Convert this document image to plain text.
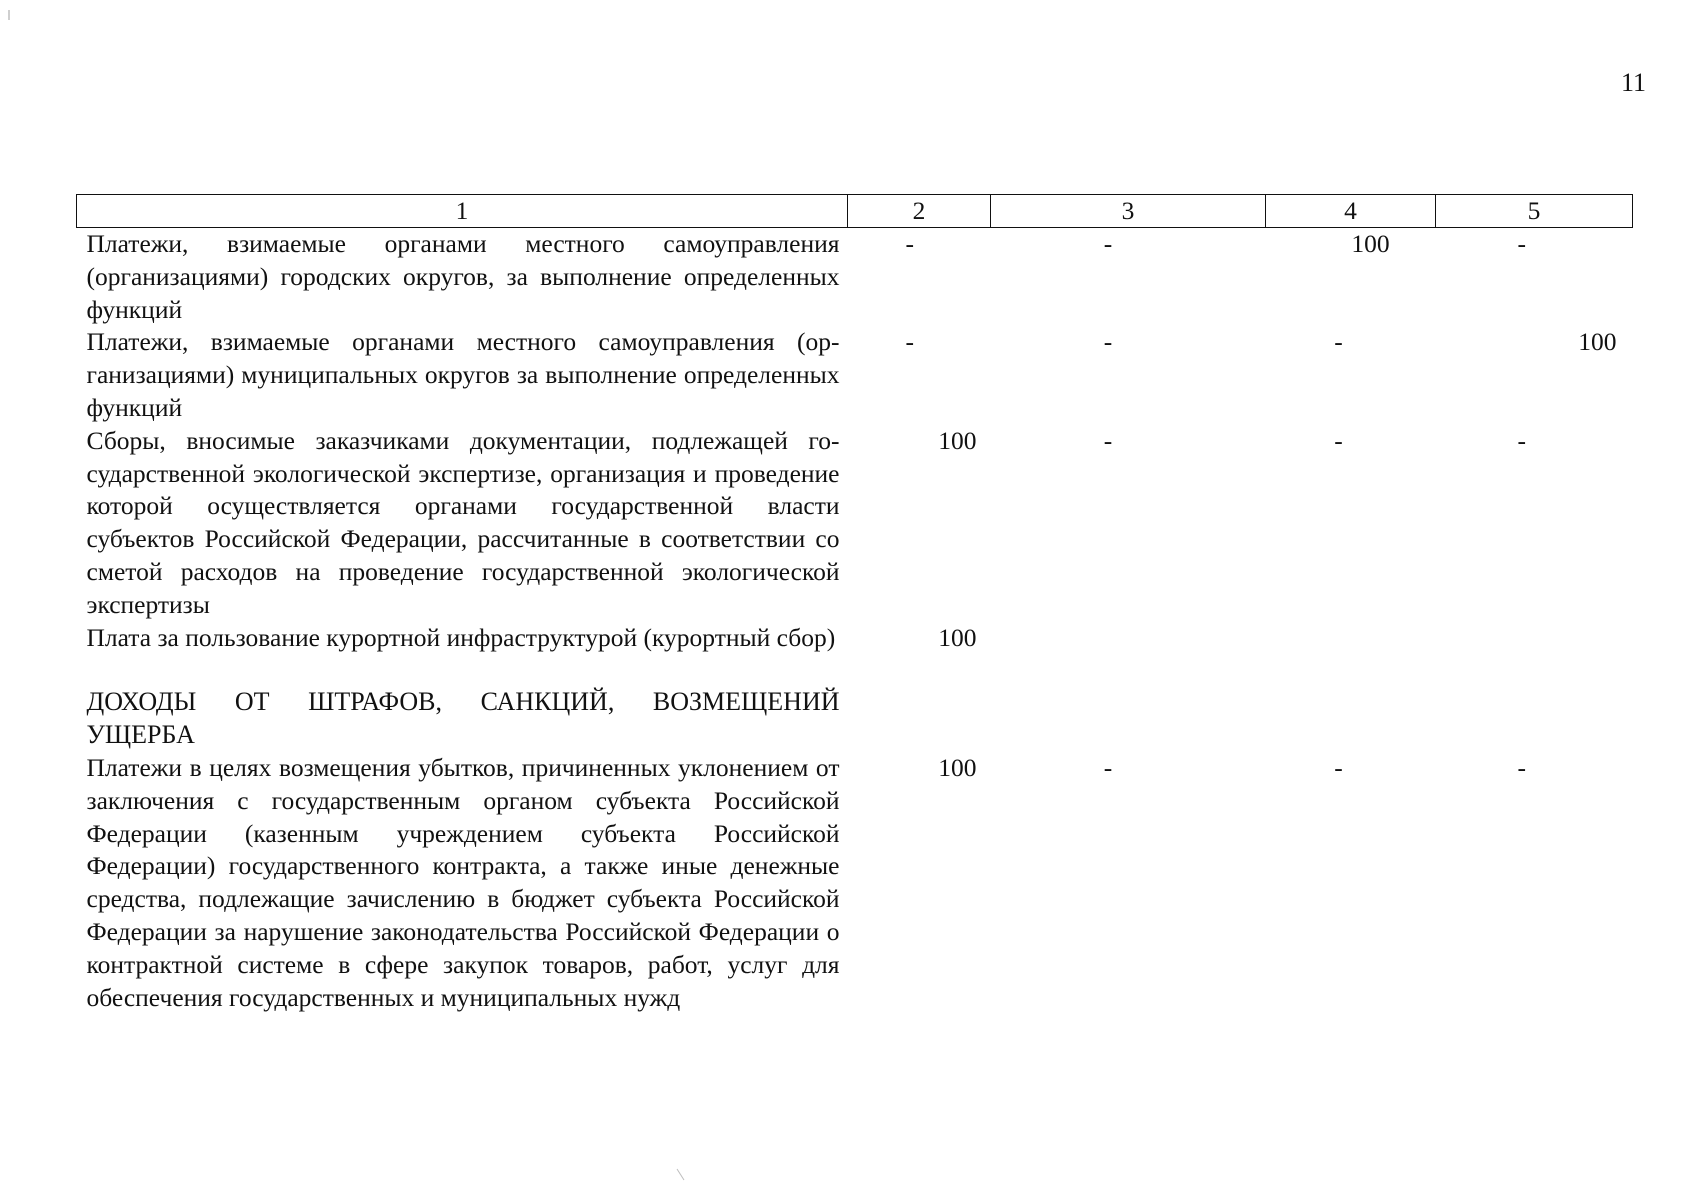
11
1	2	3	4	5
Платежи, взимаемые органами местного самоуправления (организациями) городских округов, за выполнение определенных функций	-	-	100	-

Платежи, взимаемые органами местного самоуправления (организациями) муниципальных округов за выполнение определенных функций	-	-	-	100

Сборы, вносимые заказчиками документации, подлежащей государственной экологической экспертизе, организация и проведение которой осуществляется органами государственной власти субъектов Российской Федерации, рассчитанные в соответствии со сметой расходов на проведение государственной экологической экспертизы	100	-	-	-

Плата за пользование курортной инфраструктурой (курортный сбор)	100			

ДОХОДЫ ОТ ШТРАФОВ, САНКЦИЙ, ВОЗМЕЩЕНИЙ
УЩЕРБА				

Платежи в целях возмещения убытков, причиненных уклонением от заключения с государственным органом субъекта Российской Федерации (казенным учреждением субъекта Российской Федерации) государственного контракта, а также иные денежные средства, подлежащие зачислению в бюджет субъекта Российской Федерации за нарушение законодательства Российской Федерации о контрактной системе в сфере закупок товаров, работ, услуг для обеспечения государственных и муниципальных нужд	100	-	-	-
